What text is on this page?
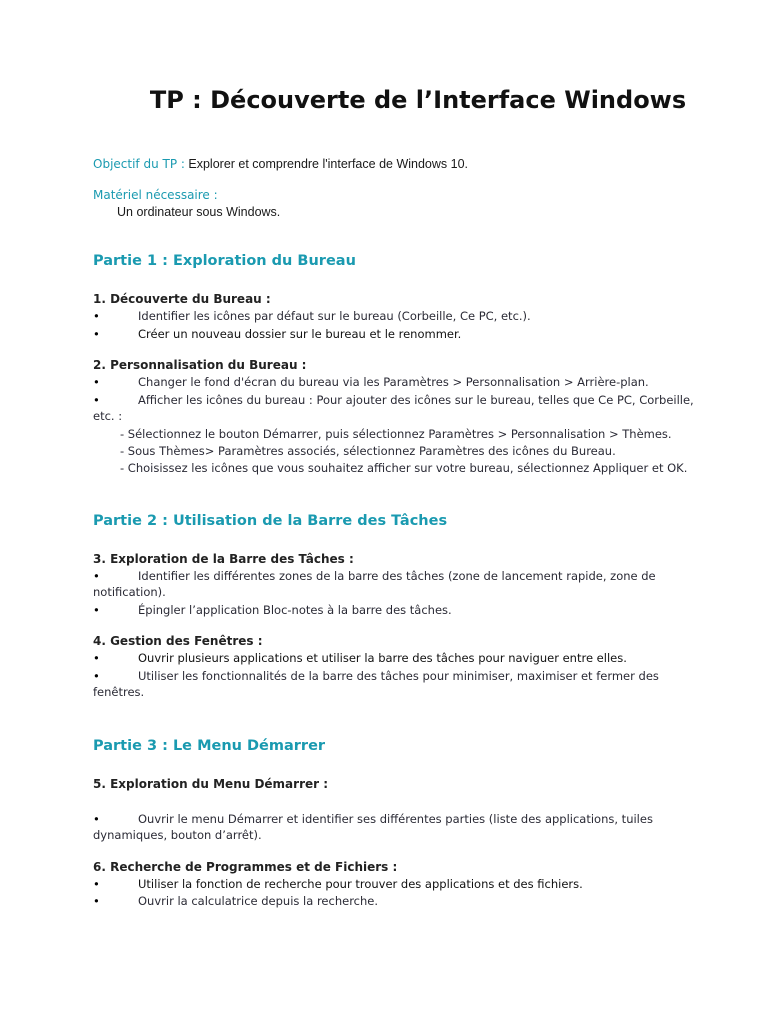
TP : Découverte de l’Interface Windows

Objectif du TP : Explorer et comprendre l'interface de Windows 10.

Matériel nécessaire :

Un ordinateur sous Windows.

Partie 1 : Exploration du Bureau
1. Découverte du Bureau :
•	Identifier les icônes par défaut sur le bureau (Corbeille, Ce PC, etc.).
•	Créer un nouveau dossier sur le bureau et le renommer.
2. Personnalisation du Bureau :
•	Changer le fond d'écran du bureau via les Paramètres > Personnalisation > Arrière-plan.
•	Afficher les icônes du bureau : Pour ajouter des icônes sur le bureau, telles que Ce PC, Corbeille, etc. :
- Sélectionnez le bouton Démarrer, puis sélectionnez Paramètres > Personnalisation > Thèmes.
- Sous Thèmes> Paramètres associés, sélectionnez Paramètres des icônes du Bureau.
- Choisissez les icônes que vous souhaitez afficher sur votre bureau, sélectionnez Appliquer et OK.
Partie 2 : Utilisation de la Barre des Tâches
3. Exploration de la Barre des Tâches :
•	Identifier les différentes zones de la barre des tâches (zone de lancement rapide, zone de notification).
•	Épingler l’application Bloc-notes à la barre des tâches.
4. Gestion des Fenêtres :
•	Ouvrir plusieurs applications et utiliser la barre des tâches pour naviguer entre elles.
•	Utiliser les fonctionnalités de la barre des tâches pour minimiser, maximiser et fermer des fenêtres.
Partie 3 : Le Menu Démarrer
5. Exploration du Menu Démarrer :
•	Ouvrir le menu Démarrer et identifier ses différentes parties (liste des applications, tuiles dynamiques, bouton d’arrêt).
6. Recherche de Programmes et de Fichiers :
•	Utiliser la fonction de recherche pour trouver des applications et des fichiers.
•	Ouvrir la calculatrice depuis la recherche.
